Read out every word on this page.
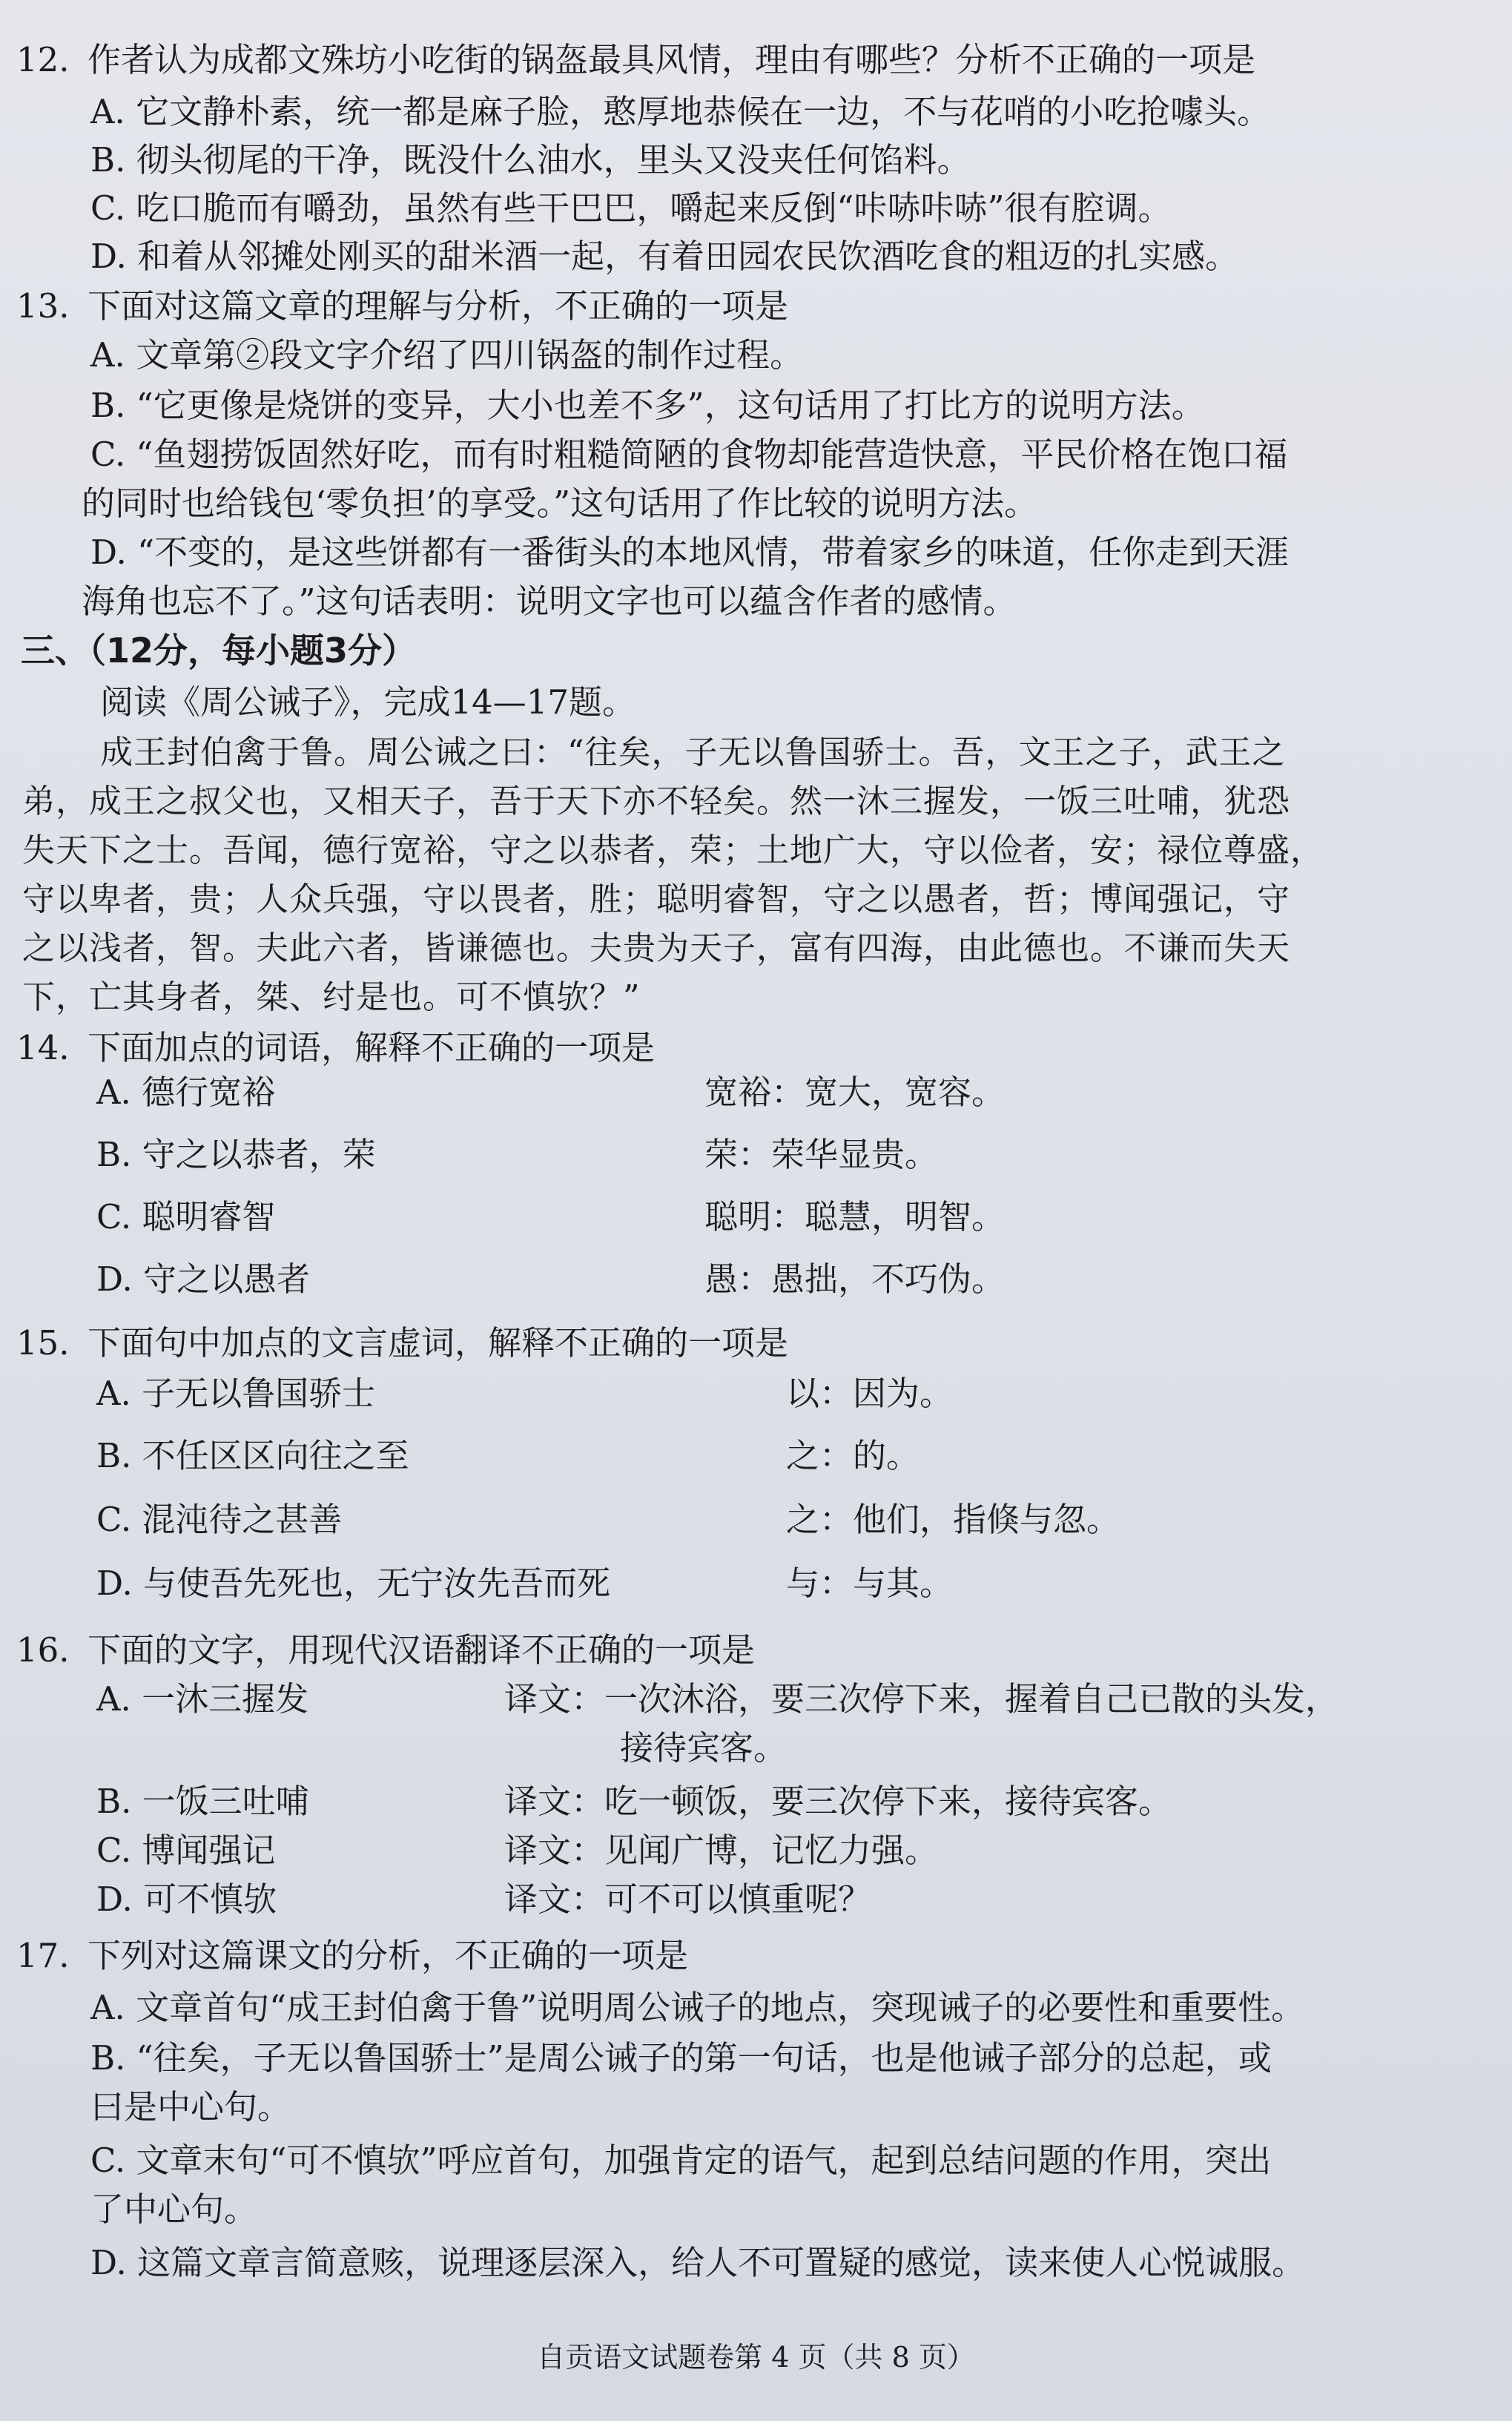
12. 作者认为成都文殊坊小吃街的锅盔最具风情，理由有哪些？分析不正确的一项是
A. 它文静朴素，统一都是麻子脸，憨厚地恭候在一边，不与花哨的小吃抢噱头。
B. 彻头彻尾的干净，既没什么油水，里头又没夹任何馅料。
C. 吃口脆而有嚼劲，虽然有些干巴巴，嚼起来反倒“咔哧咔哧”很有腔调。
D. 和着从邻摊处刚买的甜米酒一起，有着田园农民饮酒吃食的粗迈的扎实感。
13. 下面对这篇文章的理解与分析，不正确的一项是
A. 文章第②段文字介绍了四川锅盔的制作过程。
B. “它更像是烧饼的变异，大小也差不多”，这句话用了打比方的说明方法。
C. “鱼翅捞饭固然好吃，而有时粗糙简陋的食物却能营造快意，平民价格在饱口福
的同时也给钱包‘零负担’的享受。”这句话用了作比较的说明方法。
D. “不变的，是这些饼都有一番街头的本地风情，带着家乡的味道，任你走到天涯
海角也忘不了。”这句话表明：说明文字也可以蕴含作者的感情。
三、（12分，每小题3分）
阅读《周公诫子》，完成14—17题。
成王封伯禽于鲁。周公诫之曰：“往矣，子无以鲁国骄士。吾，文王之子，武王之
弟，成王之叔父也，又相天子，吾于天下亦不轻矣。然一沐三握发，一饭三吐哺，犹恐
失天下之士。吾闻，德行宽裕，守之以恭者，荣；土地广大，守以俭者，安；禄位尊盛，
守以卑者，贵；人众兵强，守以畏者，胜；聪明睿智，守之以愚者，哲；博闻强记，守
之以浅者，智。夫此六者，皆谦德也。夫贵为天子，富有四海，由此德也。不谦而失天
下，亡其身者，桀、纣是也。可不慎欤？”
14. 下面加点的词语，解释不正确的一项是
A. 德行宽裕	宽裕：宽大，宽容。
B. 守之以恭者，荣	荣：荣华显贵。
C. 聪明睿智	聪明：聪慧，明智。
D. 守之以愚者	愚：愚拙，不巧伪。
15. 下面句中加点的文言虚词，解释不正确的一项是
A. 子无以鲁国骄士	以：因为。
B. 不任区区向往之至	之：的。
C. 混沌待之甚善	之：他们，指倏与忽。
D. 与使吾先死也，无宁汝先吾而死	与：与其。
16. 下面的文字，用现代汉语翻译不正确的一项是
A. 一沐三握发	译文：一次沐浴，要三次停下来，握着自己已散的头发，
接待宾客。
B. 一饭三吐哺	译文：吃一顿饭，要三次停下来，接待宾客。
C. 博闻强记	译文：见闻广博，记忆力强。
D. 可不慎欤	译文：可不可以慎重呢？
17. 下列对这篇课文的分析，不正确的一项是
A. 文章首句“成王封伯禽于鲁”说明周公诫子的地点，突现诫子的必要性和重要性。
B. “往矣，子无以鲁国骄士”是周公诫子的第一句话，也是他诫子部分的总起，或
曰是中心句。
C. 文章末句“可不慎欤”呼应首句，加强肯定的语气，起到总结问题的作用，突出
了中心句。
D. 这篇文章言简意赅，说理逐层深入，给人不可置疑的感觉，读来使人心悦诚服。
自贡语文试题卷第 4 页（共 8 页）
